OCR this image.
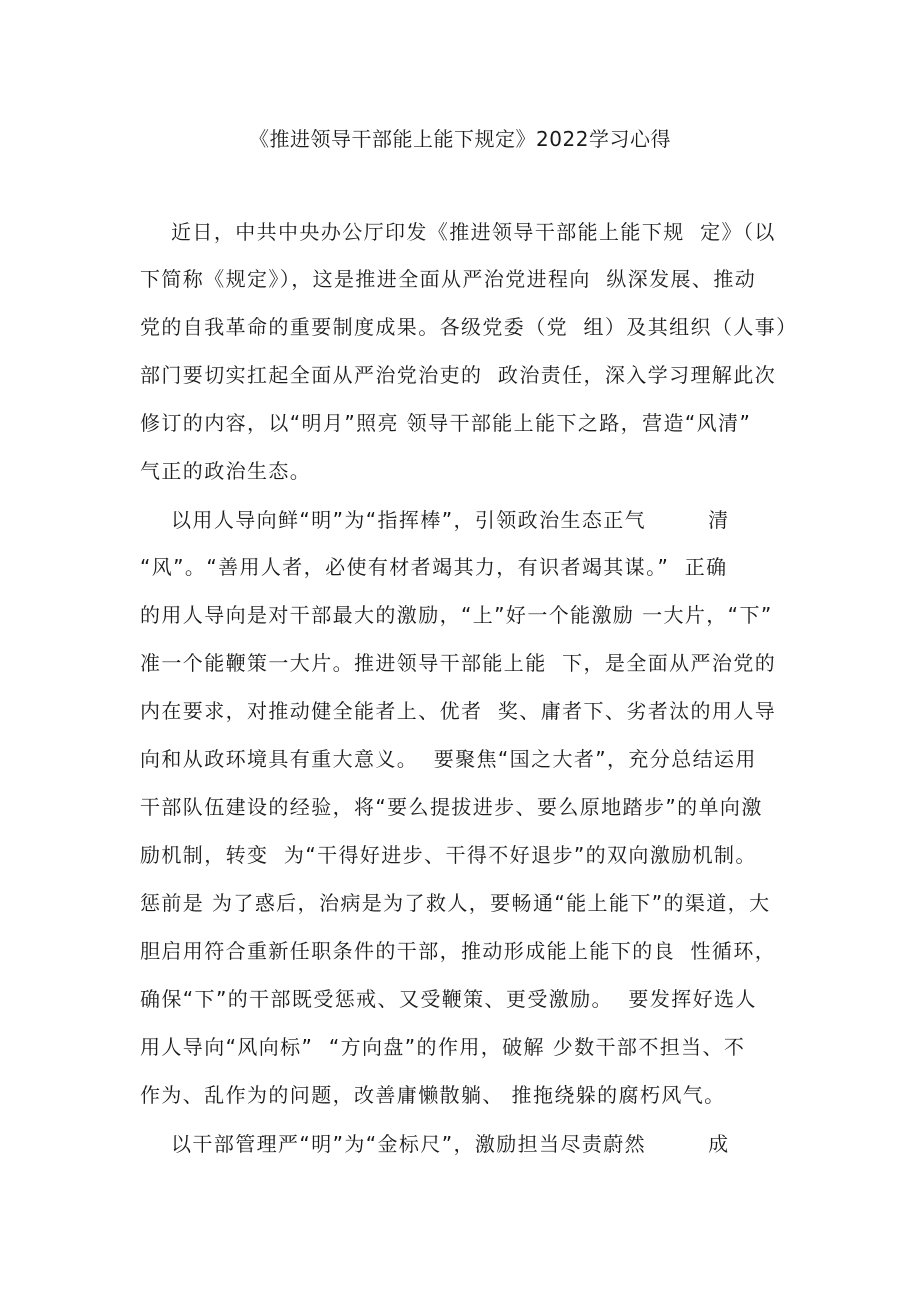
《推进领导干部能上能下规定》2022学习心得
近日，中共中央办公厅印发《推进领导干部能上能下规  定》（以
下简称《规定》），这是推进全面从严治党进程向  纵深发展、推动
党的自我革命的重要制度成果。各级党委（党  组）及其组织（人事）
部门要切实扛起全面从严治党治吏的  政治责任，深入学习理解此次
修订的内容，以“明月”照亮 领导干部能上能下之路，营造“风清”
气正的政治生态。
以用人导向鲜“明”为“指挥棒”，引领政治生态正气        清
“风”。“善用人者，必使有材者竭其力，有识者竭其谋。”  正确
的用人导向是对干部最大的激励，“上”好一个能激励 一大片，“下”
准一个能鞭策一大片。推进领导干部能上能  下，是全面从严治党的
内在要求，对推动健全能者上、优者  奖、庸者下、劣者汰的用人导
向和从政环境具有重大意义。  要聚焦“国之大者”，充分总结运用
干部队伍建设的经验，将“要么提拔进步、要么原地踏步”的单向激
励机制，转变  为“干得好进步、干得不好退步”的双向激励机制。
惩前是 为了惑后，治病是为了救人，要畅通“能上能下”的渠道，大
胆启用符合重新任职条件的干部，推动形成能上能下的良  性循环，
确保“下”的干部既受惩戒、又受鞭策、更受激励。  要发挥好选人
用人导向“风向标”  “方向盘”的作用，破解 少数干部不担当、不
作为、乱作为的问题，改善庸懒散躺、 推拖绕躲的腐朽风气。
以干部管理严“明”为“金标尺”，激励担当尽责蔚然        成
